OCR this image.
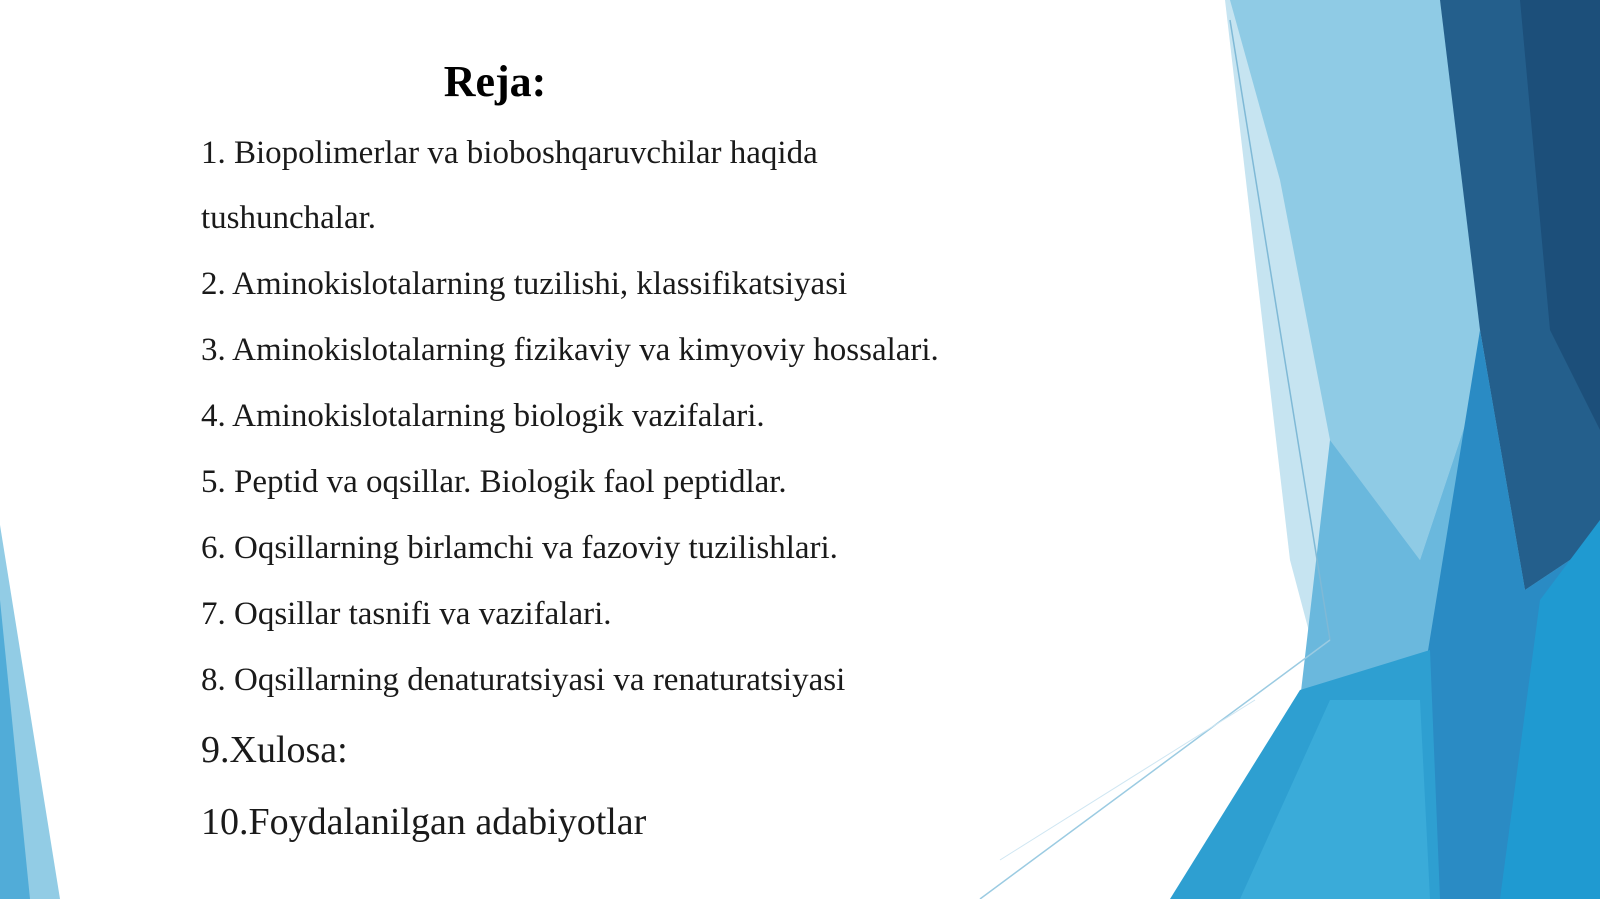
Reja:
1. Biopolimerlar va bioboshqaruvchilar haqida
tushunchalar.
2. Aminokislotalarning tuzilishi, klassifikatsiyasi
3. Aminokislotalarning fizikaviy va kimyoviy hossalari.
4. Aminokislotalarning biologik vazifalari.
5. Peptid va oqsillar. Biologik faol peptidlar.
6. Oqsillarning birlamchi va fazoviy tuzilishlari.
7. Oqsillar tasnifi va vazifalari.
8. Oqsillarning denaturatsiyasi va renaturatsiyasi
9.Xulosa:
10.Foydalanilgan adabiyotlar
